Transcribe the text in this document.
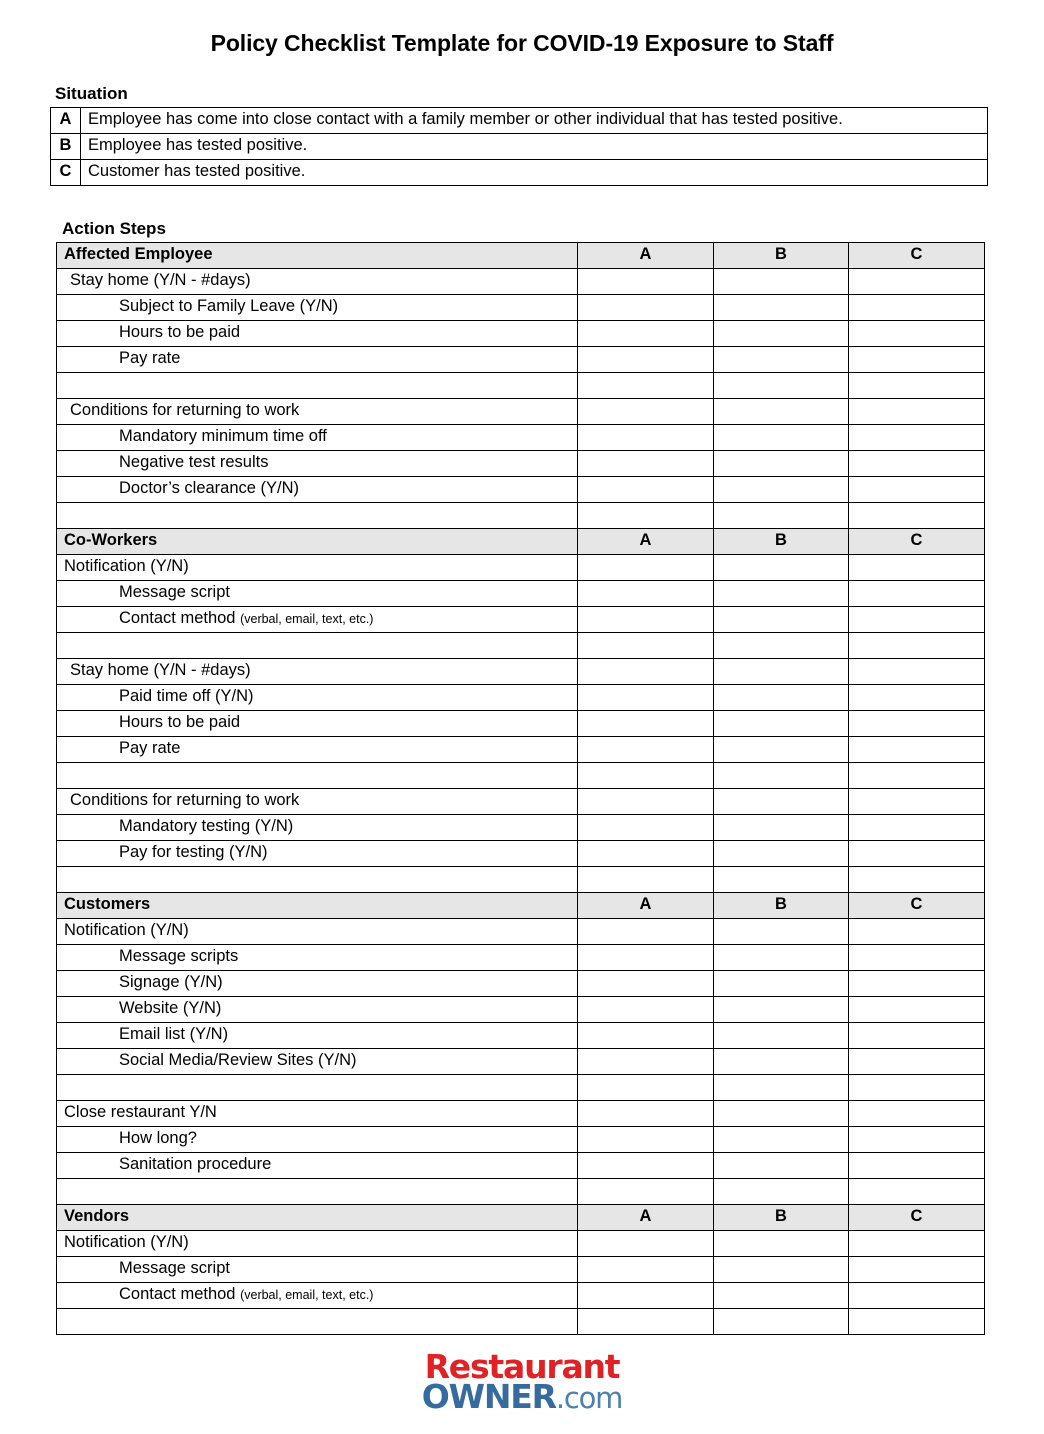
Policy Checklist Template for COVID-19 Exposure to Staff
Situation
A	Employee has come into close contact with a family member or other individual that has tested positive.
B	Employee has tested positive.
C	Customer has tested positive.
Action Steps
Affected Employee	A	B	C
Stay home (Y/N - #days)			
Subject to Family Leave (Y/N)			
Hours to be paid			
Pay rate			

Conditions for returning to work			
Mandatory minimum time off			
Negative test results			
Doctor’s clearance (Y/N)			

Co-Workers	A	B	C
Notification (Y/N)			
Message script			
Contact method (verbal, email, text, etc.)			

Stay home (Y/N - #days)			
Paid time off (Y/N)			
Hours to be paid			
Pay rate			

Conditions for returning to work			
Mandatory testing (Y/N)			
Pay for testing (Y/N)			

Customers	A	B	C
Notification (Y/N)			
Message scripts			
Signage (Y/N)			
Website (Y/N)			
Email list (Y/N)			
Social Media/Review Sites (Y/N)			

Close restaurant Y/N			
How long?			
Sanitation procedure			

Vendors	A	B	C
Notification (Y/N)			
Message script			
Contact method (verbal, email, text, etc.)			

Restaurant
OWNER.com
